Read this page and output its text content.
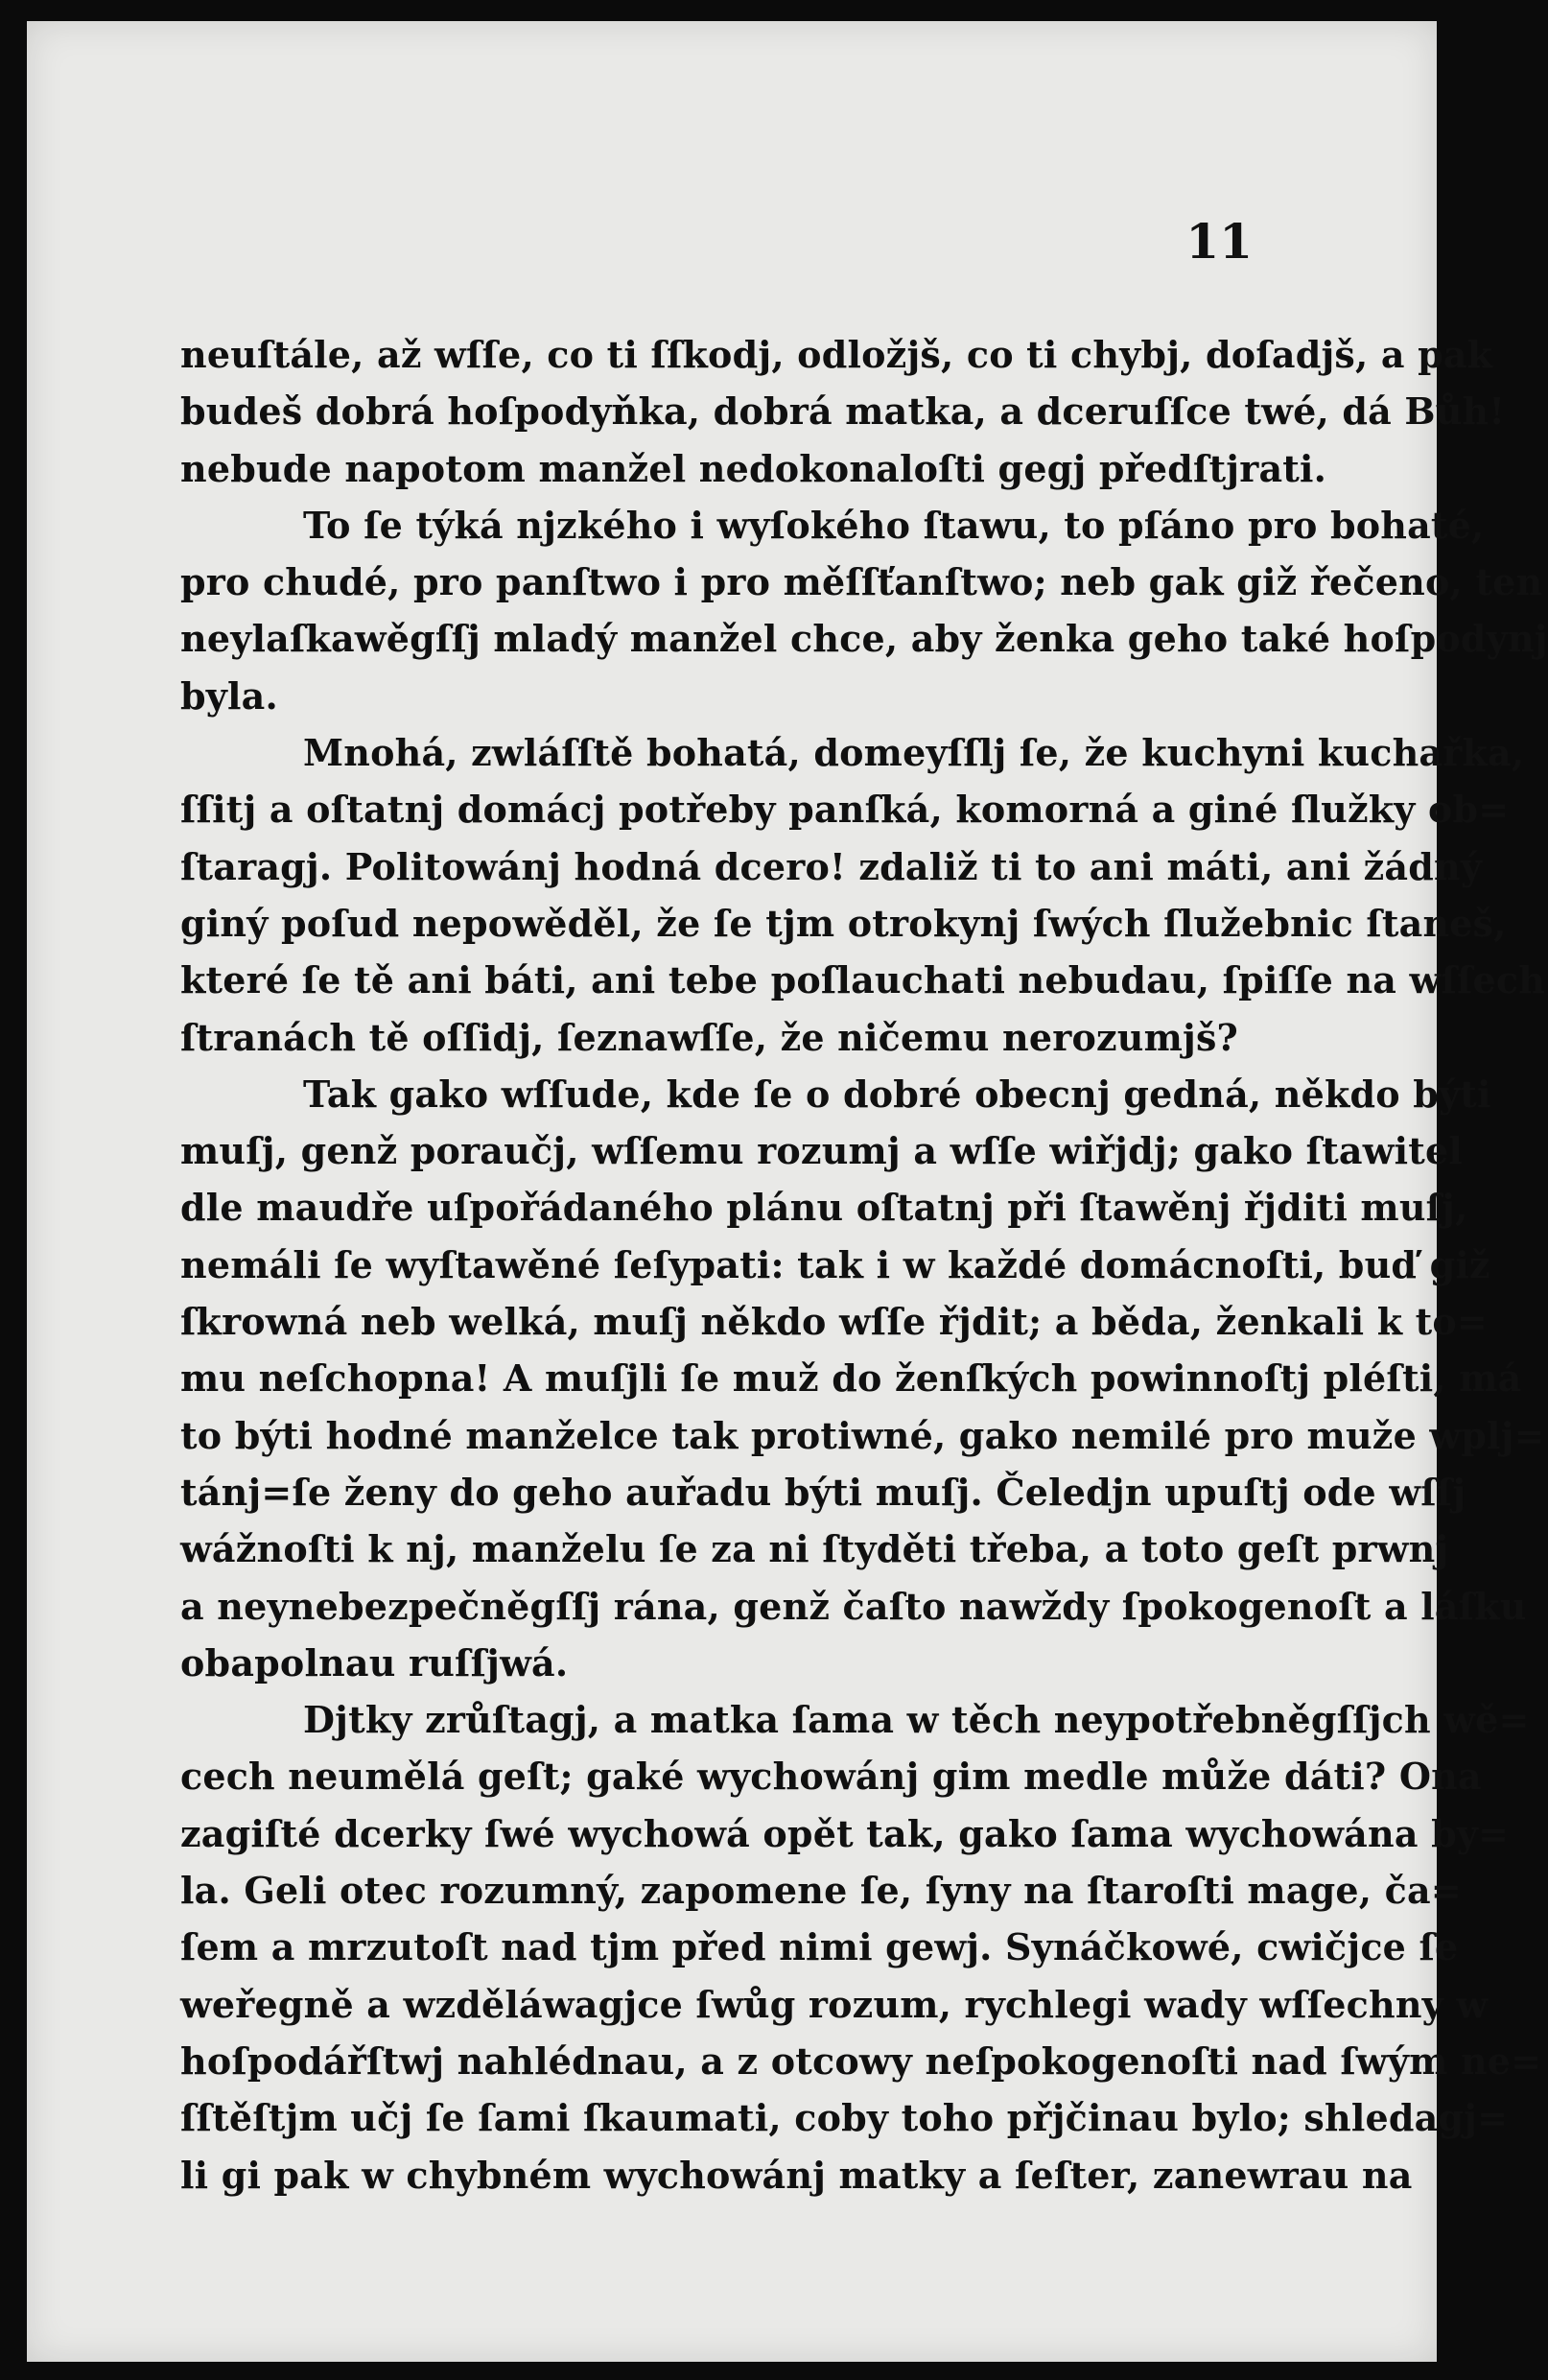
11
neuſtále, až wſſe, co ti ſſkodj, odložjš, co ti chybj, doſadjš, a pak
budeš dobrá hoſpodyňka, dobrá matka, a dceruſſce twé, dá Bůh!
nebude napotom manžel nedokonaloſti gegj předſtjrati.
To ſe týká njzkého i wyſokého ſtawu, to pſáno pro bohaté,
pro chudé, pro panſtwo i pro měſſťanſtwo; neb gak giž řečeno, ten
neylaſkawěgſſj mladý manžel chce, aby ženka geho také hoſpodynj
byla.
Mnohá, zwláſſtě bohatá, domeyſſlj ſe, že kuchyni kuchařka,
ſſitj a oſtatnj domácj potřeby panſká, komorná a giné ſlužky ob=
ſtaragj. Politowánj hodná dcero! zdaliž ti to ani máti, ani žádný
giný poſud nepowěděl, že ſe tjm otrokynj ſwých ſlužebnic ſtaneš,
které ſe tě ani báti, ani tebe poſlauchati nebudau, ſpiſſe na wſſech
ſtranách tě oſſidj, ſeznawſſe, že ničemu nerozumjš?
Tak gako wſſude, kde ſe o dobré obecnj gedná, někdo býti
muſj, genž poraučj, wſſemu rozumj a wſſe wiřjdj; gako ſtawitel
dle maudře uſpořádaného plánu oſtatnj při ſtawěnj řjditi muſj,
nemáli ſe wyſtawěné ſeſypati: tak i w každé domácnoſti, buď giž
ſkrowná neb welká, muſj někdo wſſe řjdit; a běda, ženkali k to=
mu neſchopna! A muſjli ſe muž do ženſkých powinnoſtj pléſti, má
to býti hodné manželce tak protiwné, gako nemilé pro muže wplj=
tánj=ſe ženy do geho auřadu býti muſj. Čeledjn upuſtj ode wſſj
wážnoſti k nj, manželu ſe za ni ſtyděti třeba, a toto geſt prwnj
a neynebezpečněgſſj rána, genž čaſto nawždy ſpokogenoſt a láſku
obapolnau ruſſjwá.
Djtky zrůſtagj, a matka ſama w těch neypotřebněgſſjch wě=
cech neumělá geſt; gaké wychowánj gim medle může dáti? Ona
zagiſté dcerky ſwé wychowá opět tak, gako ſama wychowána by=
la. Geli otec rozumný, zapomene ſe, ſyny na ſtaroſti mage, ča=
ſem a mrzutoſt nad tjm před nimi gewj. Synáčkowé, cwičjce ſe
weřegně a wzděláwagjce ſwůg rozum, rychlegi wady wſſechny w
hoſpodářſtwj nahlédnau, a z otcowy neſpokogenoſti nad ſwým ne=
ſſtěſtjm učj ſe ſami ſkaumati, coby toho přjčinau bylo; shledagj=
li gi pak w chybném wychowánj matky a ſeſter, zanewrau na
